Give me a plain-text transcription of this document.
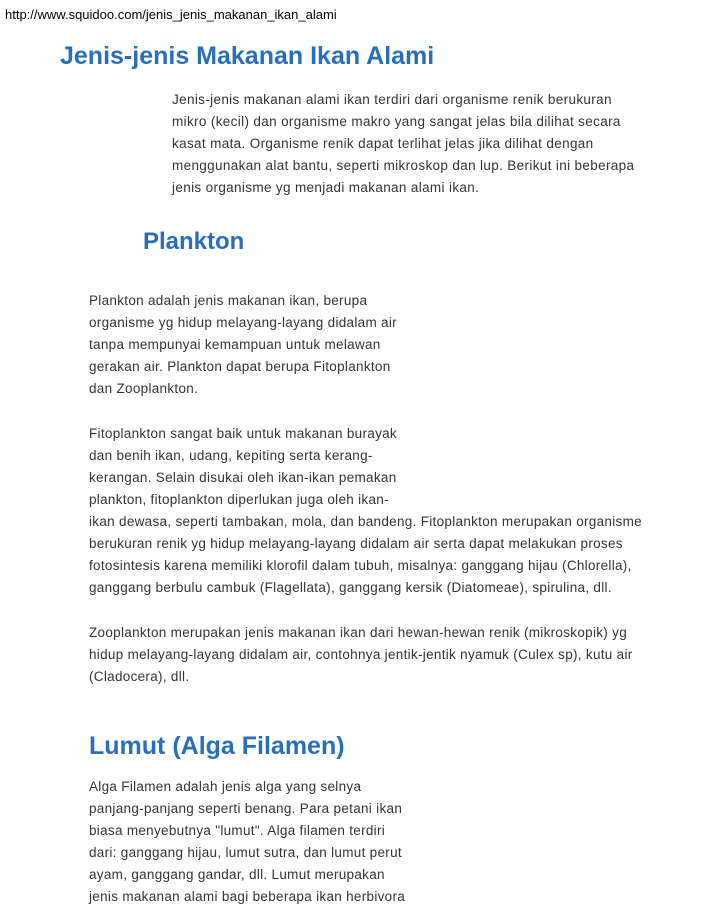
http://www.squidoo.com/jenis_jenis_makanan_ikan_alami
Jenis-jenis Makanan Ikan Alami

Jenis-jenis makanan alami ikan terdiri dari organisme renik berukuran
mikro (kecil) dan organisme makro yang sangat jelas bila dilihat secara
kasat mata. Organisme renik dapat terlihat jelas jika dilihat dengan
menggunakan alat bantu, seperti mikroskop dan lup. Berikut ini beberapa
jenis organisme yg menjadi makanan alami ikan.

Plankton

Plankton adalah jenis makanan ikan, berupa
organisme yg hidup melayang-layang didalam air
tanpa mempunyai kemampuan untuk melawan
gerakan air. Plankton dapat berupa Fitoplankton
dan Zooplankton.

Fitoplankton sangat baik untuk makanan burayak
dan benih ikan, udang, kepiting serta kerang-
kerangan. Selain disukai oleh ikan-ikan pemakan
plankton, fitoplankton diperlukan juga oleh ikan-
ikan dewasa, seperti tambakan, mola, dan bandeng. Fitoplankton merupakan organisme
berukuran renik yg hidup melayang-layang didalam air serta dapat melakukan proses
fotosintesis karena memiliki klorofil dalam tubuh, misalnya: ganggang hijau (Chlorella),
ganggang berbulu cambuk (Flagellata), ganggang kersik (Diatomeae), spirulina, dll.

Zooplankton merupakan jenis makanan ikan dari hewan-hewan renik (mikroskopik) yg
hidup melayang-layang didalam air, contohnya jentik-jentik nyamuk (Culex sp), kutu air
(Cladocera), dll.

Lumut (Alga Filamen)

Alga Filamen adalah jenis alga yang selnya
panjang-panjang seperti benang. Para petani ikan
biasa menyebutnya "lumut". Alga filamen terdiri
dari: ganggang hijau, lumut sutra, dan lumut perut
ayam, ganggang gandar, dll. Lumut merupakan
jenis makanan alami bagi beberapa ikan herbivora
